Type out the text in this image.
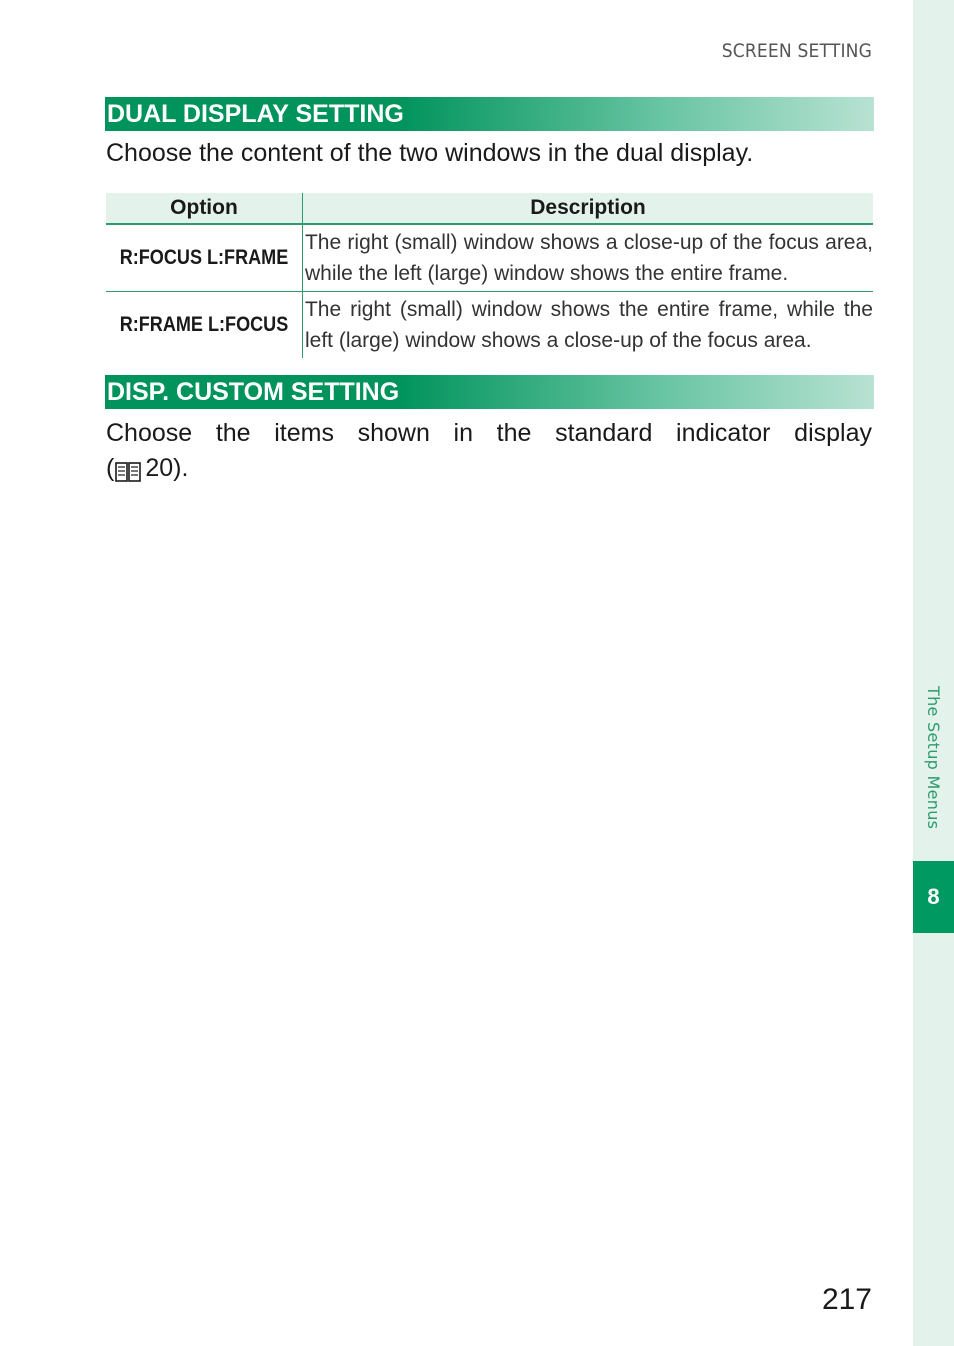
The Setup Menus
8
SCREEN SETTING
DUAL DISPLAY SETTING
Choose the content of the two windows in the dual display.
Option	Description
R:FOCUS L:FRAME	The right (small) window shows a close-up of the focus area, while the left (large) window shows the entire frame.
R:FRAME L:FOCUS	The right (small) window shows the entire frame, while the left (large) window shows a close-up of the focus area.
DISP. CUSTOM SETTING
Choose the items shown in the standard indicator display
( 20).
217
